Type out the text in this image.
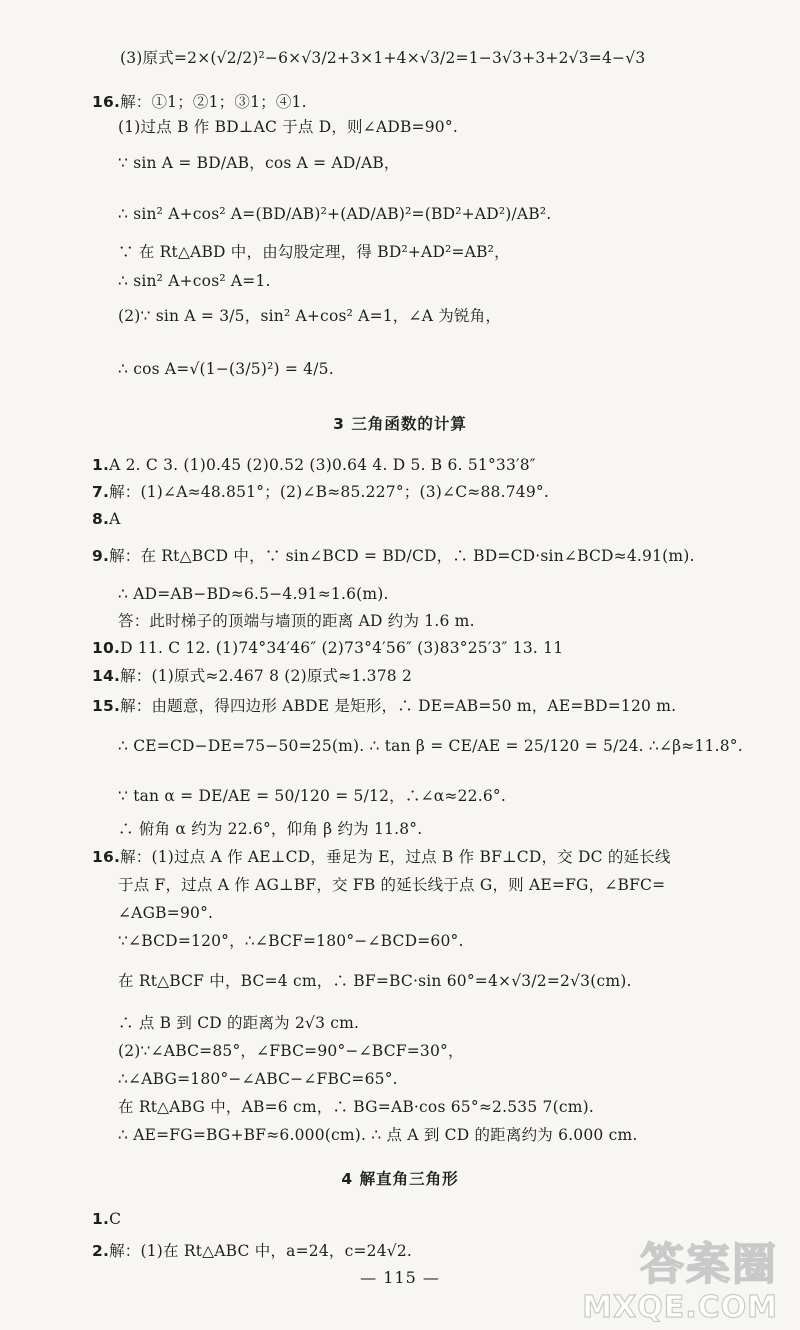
(3)原式=2×(√2/2)²−6×√3/2+3×1+4×√3/2=1−3√3+3+2√3=4−√3
16.解：①1；②1；③1；④1.
(1)过点 B 作 BD⊥AC 于点 D，则∠ADB=90°.
∵ sin A = BD/AB，cos A = AD/AB，
∴ sin² A+cos² A=(BD/AB)²+(AD/AB)²=(BD²+AD²)/AB².
∵ 在 Rt△ABD 中，由勾股定理，得 BD²+AD²=AB²，
∴ sin² A+cos² A=1.
(2)∵ sin A = 3/5，sin² A+cos² A=1，∠A 为锐角，
∴ cos A=√(1−(3/5)²) = 4/5.
3 三角函数的计算
1.A 2. C 3. (1)0.45 (2)0.52 (3)0.64 4. D 5. B 6. 51°33′8″
7.解：(1)∠A≈48.851°；(2)∠B≈85.227°；(3)∠C≈88.749°.
8.A
9.解：在 Rt△BCD 中，∵ sin∠BCD = BD/CD，∴ BD=CD·sin∠BCD≈4.91(m).
∴ AD=AB−BD≈6.5−4.91≈1.6(m).
答：此时梯子的顶端与墙顶的距离 AD 约为 1.6 m.
10.D 11. C 12. (1)74°34′46″ (2)73°4′56″ (3)83°25′3″ 13. 11
14.解：(1)原式≈2.467 8 (2)原式≈1.378 2
15.解：由题意，得四边形 ABDE 是矩形，∴ DE=AB=50 m，AE=BD=120 m.
∴ CE=CD−DE=75−50=25(m). ∴ tan β = CE/AE = 25/120 = 5/24. ∴∠β≈11.8°.
∵ tan α = DE/AE = 50/120 = 5/12，∴∠α≈22.6°.
∴ 俯角 α 约为 22.6°，仰角 β 约为 11.8°.
16.解：(1)过点 A 作 AE⊥CD，垂足为 E，过点 B 作 BF⊥CD，交 DC 的延长线
于点 F，过点 A 作 AG⊥BF，交 FB 的延长线于点 G，则 AE=FG，∠BFC=
∠AGB=90°.
∵∠BCD=120°，∴∠BCF=180°−∠BCD=60°.
在 Rt△BCF 中，BC=4 cm，∴ BF=BC·sin 60°=4×√3/2=2√3(cm).
∴ 点 B 到 CD 的距离为 2√3 cm.
(2)∵∠ABC=85°，∠FBC=90°−∠BCF=30°，
∴∠ABG=180°−∠ABC−∠FBC=65°.
在 Rt△ABG 中，AB=6 cm，∴ BG=AB·cos 65°≈2.535 7(cm).
∴ AE=FG=BG+BF≈6.000(cm). ∴ 点 A 到 CD 的距离约为 6.000 cm.
4 解直角三角形
1.C
2.解：(1)在 Rt△ABC 中，a=24，c=24√2.
— 115 —	答案圈
MXQE.COM
